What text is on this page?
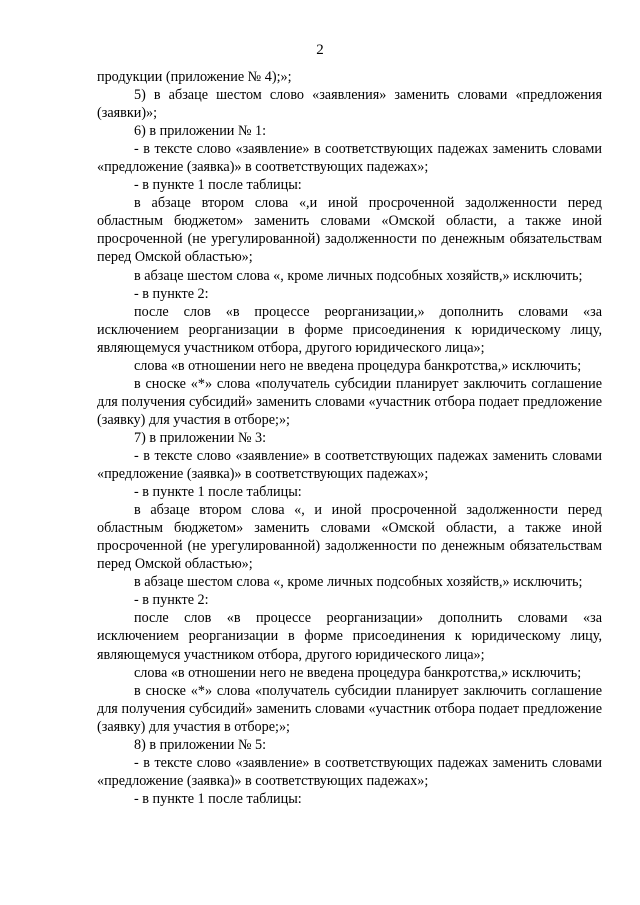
2

продукции (приложение № 4);»;

5) в абзаце шестом слово «заявления» заменить словами «предложения (заявки)»;

6) в приложении № 1:

- в тексте слово «заявление» в соответствующих падежах заменить словами «предложение (заявка)» в соответствующих падежах»;

- в пункте 1 после таблицы:

в абзаце втором слова «,и иной просроченной задолженности перед областным бюджетом» заменить словами «Омской области, а также иной просроченной (не урегулированной) задолженности по денежным обязательствам перед Омской областью»;

в абзаце шестом слова «, кроме личных подсобных хозяйств,» исключить;

- в пункте 2:

после слов «в процессе реорганизации,» дополнить словами «за исключением реорганизации в форме присоединения к юридическому лицу, являющемуся участником отбора, другого юридического лица»;

слова «в отношении него не введена процедура банкротства,» исключить;

в сноске «*» слова «получатель субсидии планирует заключить соглашение для получения субсидий» заменить словами «участник отбора подает предложение (заявку) для участия в отборе;»;

7) в приложении № 3:

- в тексте слово «заявление» в соответствующих падежах заменить словами «предложение (заявка)» в соответствующих падежах»;

- в пункте 1 после таблицы:

в абзаце втором слова «, и иной просроченной задолженности перед областным бюджетом» заменить словами «Омской области, а также иной просроченной (не урегулированной) задолженности по денежным обязательствам перед Омской областью»;

в абзаце шестом слова «, кроме личных подсобных хозяйств,» исключить;

- в пункте 2:

после слов «в процессе реорганизации» дополнить словами «за исключением реорганизации в форме присоединения к юридическому лицу, являющемуся участником отбора, другого юридического лица»;

слова «в отношении него не введена процедура банкротства,» исключить;

в сноске «*» слова «получатель субсидии планирует заключить соглашение для получения субсидий» заменить словами «участник отбора подает предложение (заявку) для участия в отборе;»;

8) в приложении № 5:

- в тексте слово «заявление» в соответствующих падежах заменить словами «предложение (заявка)» в соответствующих падежах»;

- в пункте 1 после таблицы:
